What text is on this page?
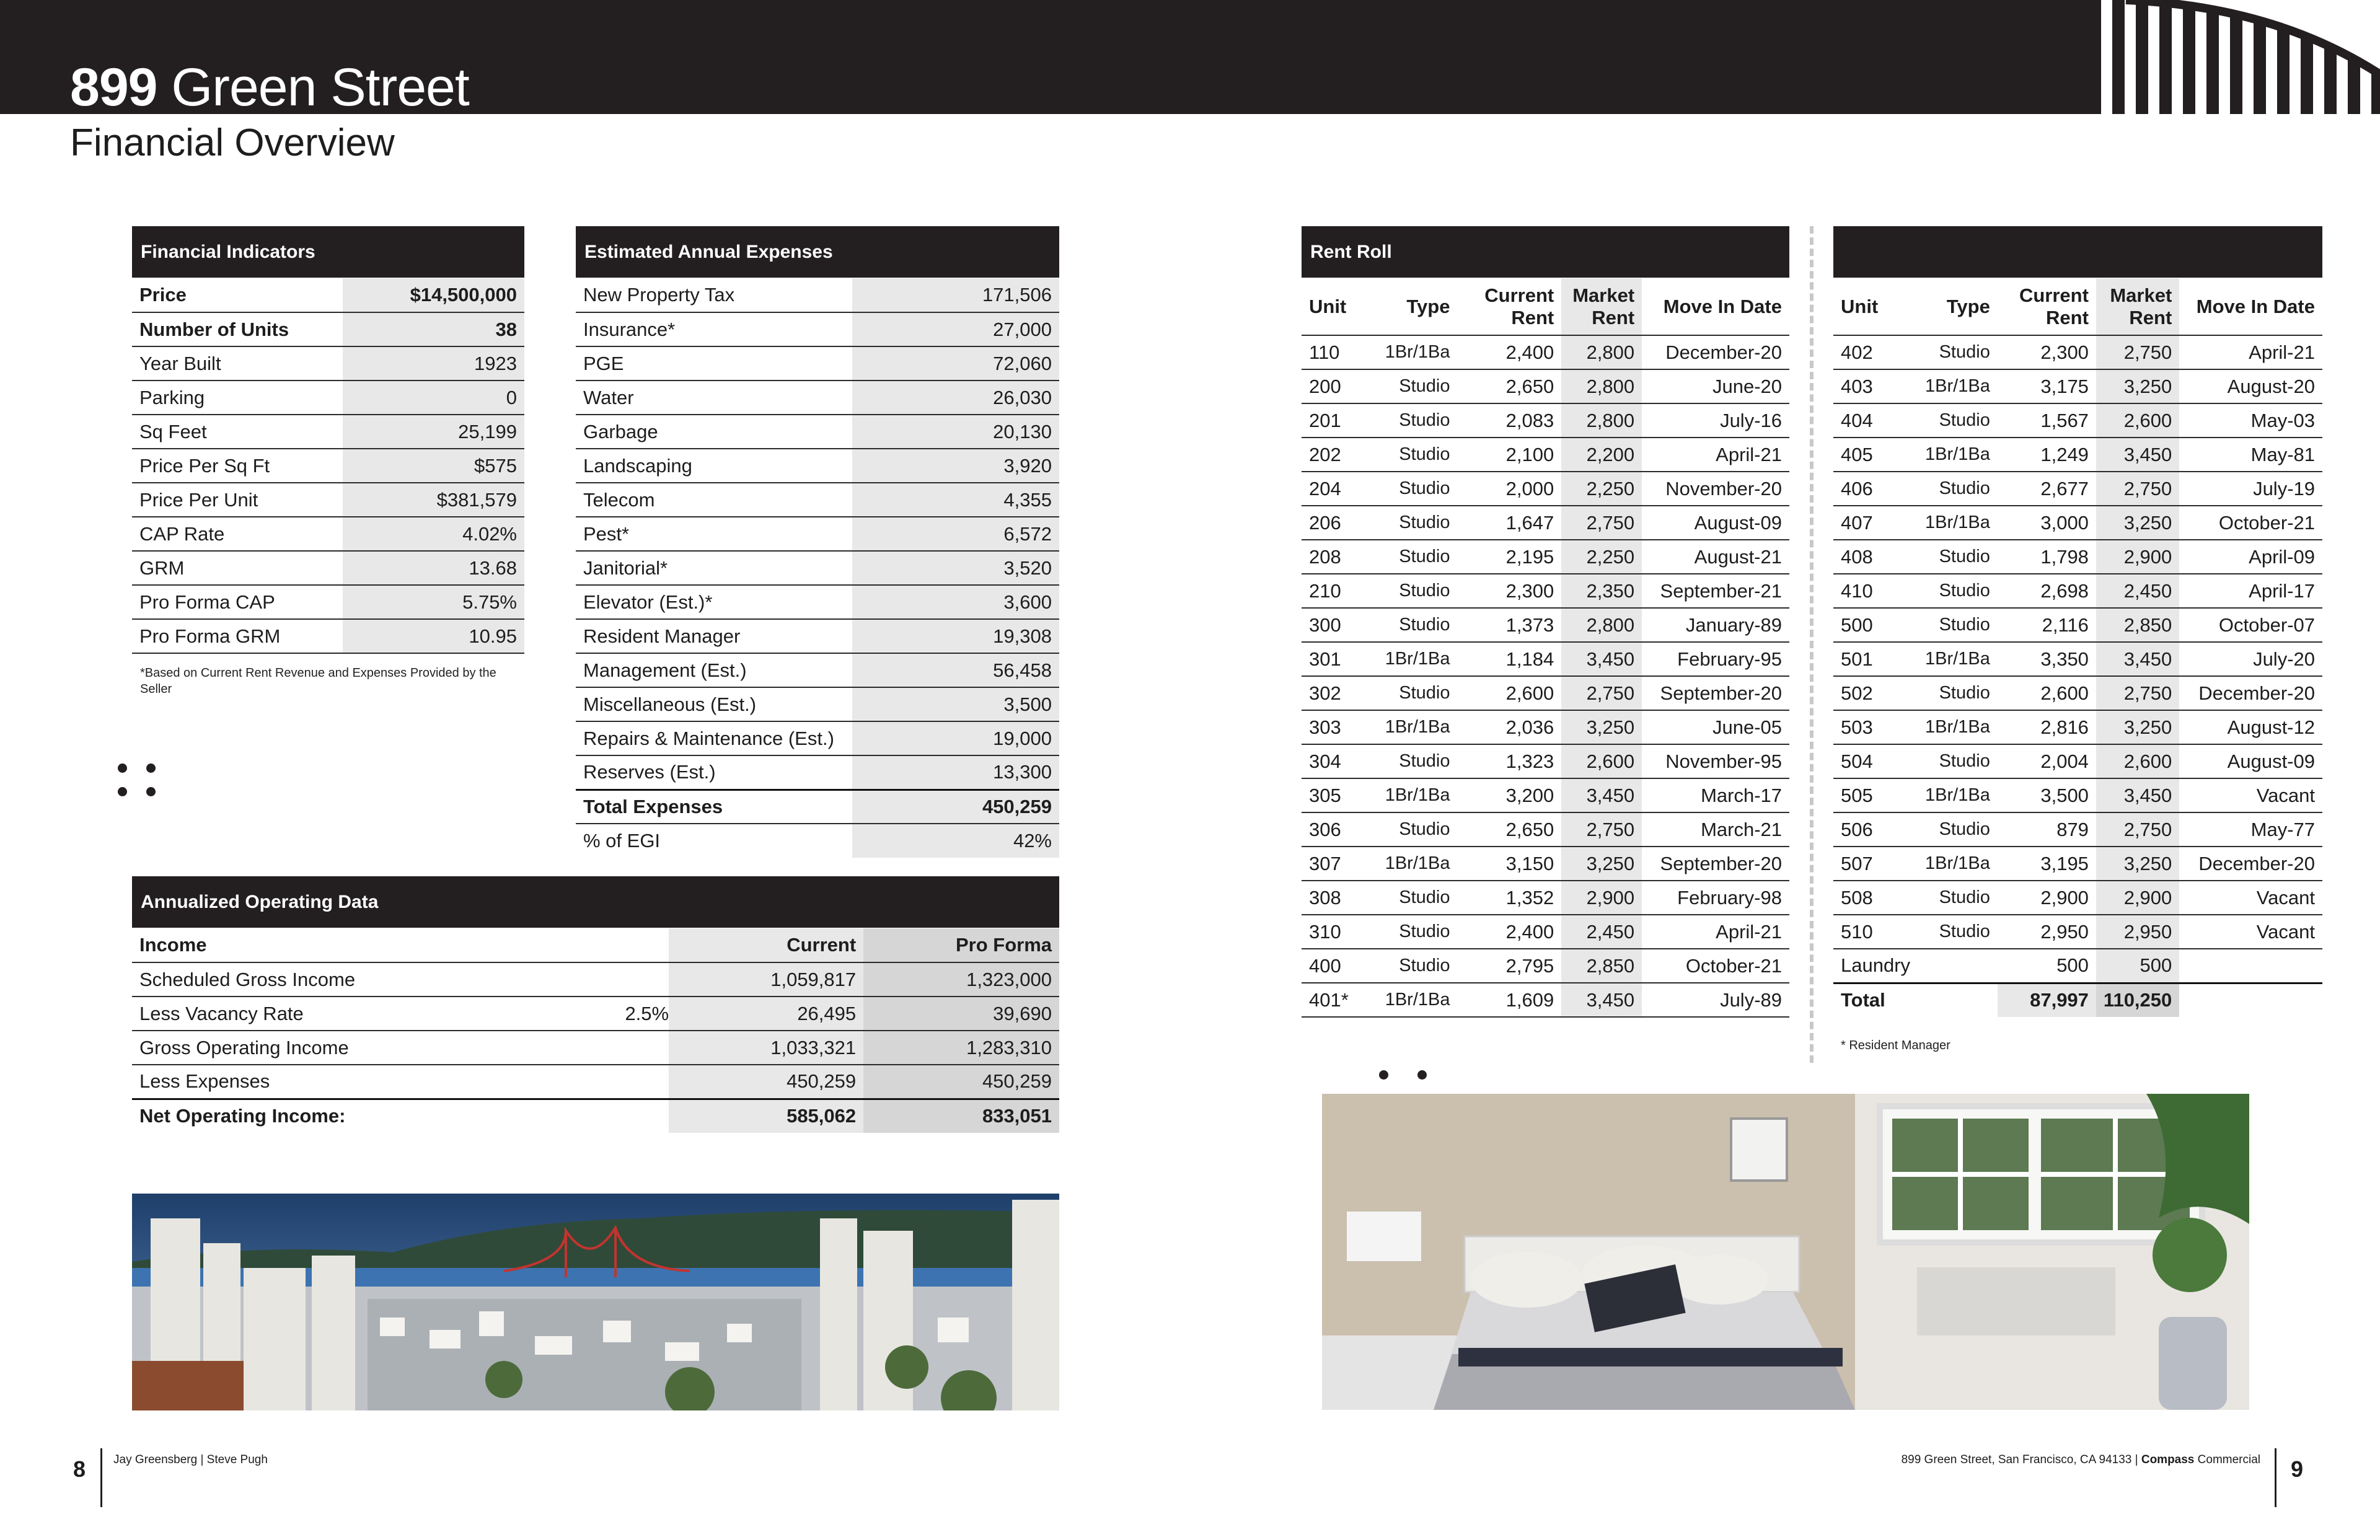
899 Green Street
Financial Overview
Financial Indicators
Price	$14,500,000
Number of Units	38
Year Built	1923
Parking	0
Sq Feet	25,199
Price Per Sq Ft	$575
Price Per Unit	$381,579
CAP Rate	4.02%
GRM	13.68
Pro Forma CAP	5.75%
Pro Forma GRM	10.95
*Based on Current Rent Revenue and Expenses Provided by the Seller
Estimated Annual Expenses
New Property Tax	171,506
Insurance*	27,000
PGE	72,060
Water	26,030
Garbage	20,130
Landscaping	3,920
Telecom	4,355
Pest*	6,572
Janitorial*	3,520
Elevator (Est.)*	3,600
Resident Manager	19,308
Management (Est.)	56,458
Miscellaneous (Est.)	3,500
Repairs & Maintenance (Est.)	19,000
Reserves (Est.)	13,300
Total Expenses	450,259
% of EGI	42%
Annualized Operating Data
Income		Current	Pro Forma
Scheduled Gross Income		1,059,817	1,323,000
Less Vacancy Rate	2.5%	26,495	39,690
Gross Operating Income		1,033,321	1,283,310
Less Expenses		450,259	450,259
Net Operating Income:		585,062	833,051
Rent Roll
Unit	Type	Current Rent	Market Rent	Move In Date
110	1Br/1Ba	2,400	2,800	December-20
200	Studio	2,650	2,800	June-20
201	Studio	2,083	2,800	July-16
202	Studio	2,100	2,200	April-21
204	Studio	2,000	2,250	November-20
206	Studio	1,647	2,750	August-09
208	Studio	2,195	2,250	August-21
210	Studio	2,300	2,350	September-21
300	Studio	1,373	2,800	January-89
301	1Br/1Ba	1,184	3,450	February-95
302	Studio	2,600	2,750	September-20
303	1Br/1Ba	2,036	3,250	June-05
304	Studio	1,323	2,600	November-95
305	1Br/1Ba	3,200	3,450	March-17
306	Studio	2,650	2,750	March-21
307	1Br/1Ba	3,150	3,250	September-20
308	Studio	1,352	2,900	February-98
310	Studio	2,400	2,450	April-21
400	Studio	2,795	2,850	October-21
401*	1Br/1Ba	1,609	3,450	July-89
Unit	Type	Current Rent	Market Rent	Move In Date
402	Studio	2,300	2,750	April-21
403	1Br/1Ba	3,175	3,250	August-20
404	Studio	1,567	2,600	May-03
405	1Br/1Ba	1,249	3,450	May-81
406	Studio	2,677	2,750	July-19
407	1Br/1Ba	3,000	3,250	October-21
408	Studio	1,798	2,900	April-09
410	Studio	2,698	2,450	April-17
500	Studio	2,116	2,850	October-07
501	1Br/1Ba	3,350	3,450	July-20
502	Studio	2,600	2,750	December-20
503	1Br/1Ba	2,816	3,250	August-12
504	Studio	2,004	2,600	August-09
505	1Br/1Ba	3,500	3,450	Vacant
506	Studio	879	2,750	May-77
507	1Br/1Ba	3,195	3,250	December-20
508	Studio	2,900	2,900	Vacant
510	Studio	2,950	2,950	Vacant
Laundry		500	500	
Total		87,997	110,250	
* Resident Manager
8 Jay Greensberg | Steve Pugh	899 Green Street, San Francisco, CA 94133 | Compass Commercial 9
